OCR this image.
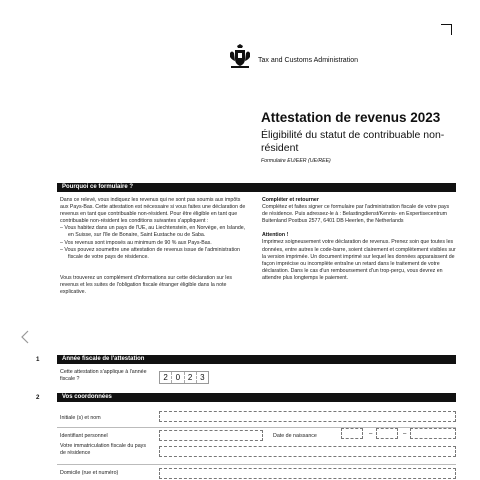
Tax and Customs Administration
Attestation de revenus 2023
Éligibilité du statut de contribuable non-résident
Formulaire EU/EER (UE/REE)
Pourquoi ce formulaire ?

Dans ce relevé, vous indiquez les revenus qui ne sont pas soumis aux impôts aux Pays-Bas. Cette attestation est nécessaire si vous faites une déclaration de revenus en tant que contribuable non-résident. Pour être éligible en tant que contribuable non-résident les conditions suivantes s'appliquent :

– Vous habitez dans un pays de l'UE, au Liechtenstein, en Norvège, en Islande, en Suisse, sur l'île de Bonaire, Saint Eustache ou de Saba.

– Vos revenus sont imposés au minimum de 90 % aux Pays-Bas.

– Vous pouvez soumettre une attestation de revenus issue de l'administration fiscale de votre pays de résidence.

Vous trouverez un complément d'informations sur cette déclaration sur les revenus et les suites de l'obligation fiscale étranger éligible dans la note explicative.

Compléter et retourner

Complétez et faites signer ce formulaire par l'administration fiscale de votre pays de résidence. Puis adressez-le à : Belastingdienst/Kennis- en Expertisecentrum Buitenland Postbus 2577, 6401 DB Heerlen, the Netherlands

Attention !

Imprimez soigneusement votre déclaration de revenus. Prenez soin que toutes les données, entre autres le code-barre, soient clairement et complètement visibles sur la version imprimée. Un document imprimé sur lequel les données apparaissent de façon imprécise ou incomplète entraîne un retard dans le traitement de votre déclaration. Dans le cas d'un remboursement d'un trop-perçu, vous devrez en attendre plus longtemps le paiement.

1	Année fiscale de l'attestation
Cette attestation s'applique à l'année fiscale ?	2 0 2 3
2	Vos coordonnées
Initiale (s) et nom
Identifiant personnel	Date de naissance	–	–
Votre immatriculation fiscale du pays de résidence
Domicile (rue et numéro)
